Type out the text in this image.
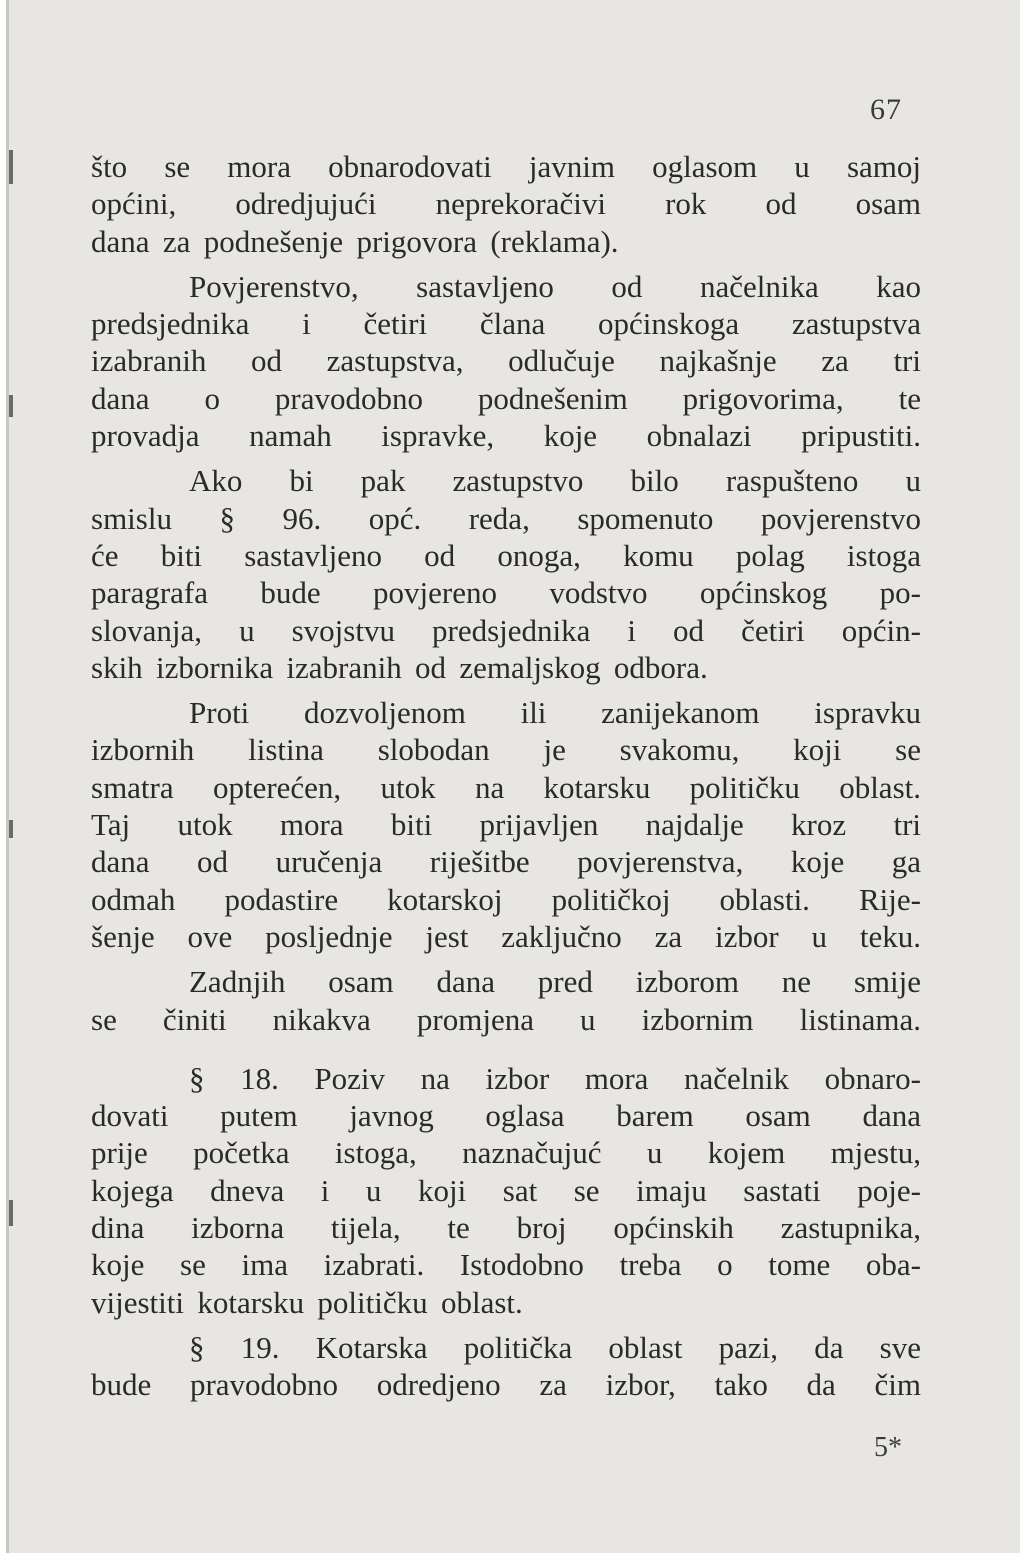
67

što se mora obnarodovati javnim oglasom u samoj
općini, odredjujući neprekoračivi rok od osam
dana za podnešenje prigovora (reklama).

Povjerenstvo, sastavljeno od načelnika kao
predsjednika i četiri člana općinskoga zastupstva
izabranih od zastupstva, odlučuje najkašnje za tri
dana o pravodobno podnešenim prigovorima, te
provadja namah ispravke, koje obnalazi pripustiti.

Ako bi pak zastupstvo bilo raspušteno u
smislu § 96. opć. reda, spomenuto povjerenstvo
će biti sastavljeno od onoga, komu polag istoga
paragrafa bude povjereno vodstvo općinskog po-
slovanja, u svojstvu predsjednika i od četiri općin-
skih izbornika izabranih od zemaljskog odbora.

Proti dozvoljenom ili zanijekanom ispravku
izbornih listina slobodan je svakomu, koji se
smatra opterećen, utok na kotarsku političku oblast.
Taj utok mora biti prijavljen najdalje kroz tri
dana od uručenja riješitbe povjerenstva, koje ga
odmah podastire kotarskoj političkoj oblasti. Rije-
šenje ove posljednje jest zaključno za izbor u teku.

Zadnjih osam dana pred izborom ne smije
se činiti nikakva promjena u izbornim listinama.

§ 18. Poziv na izbor mora načelnik obnaro-
dovati putem javnog oglasa barem osam dana
prije početka istoga, naznačujuć u kojem mjestu,
kojega dneva i u koji sat se imaju sastati poje-
dina izborna tijela, te broj općinskih zastupnika,
koje se ima izabrati. Istodobno treba o tome oba-
vijestiti kotarsku političku oblast.

§ 19. Kotarska politička oblast pazi, da sve
bude pravodobno odredjeno za izbor, tako da čim

5*
